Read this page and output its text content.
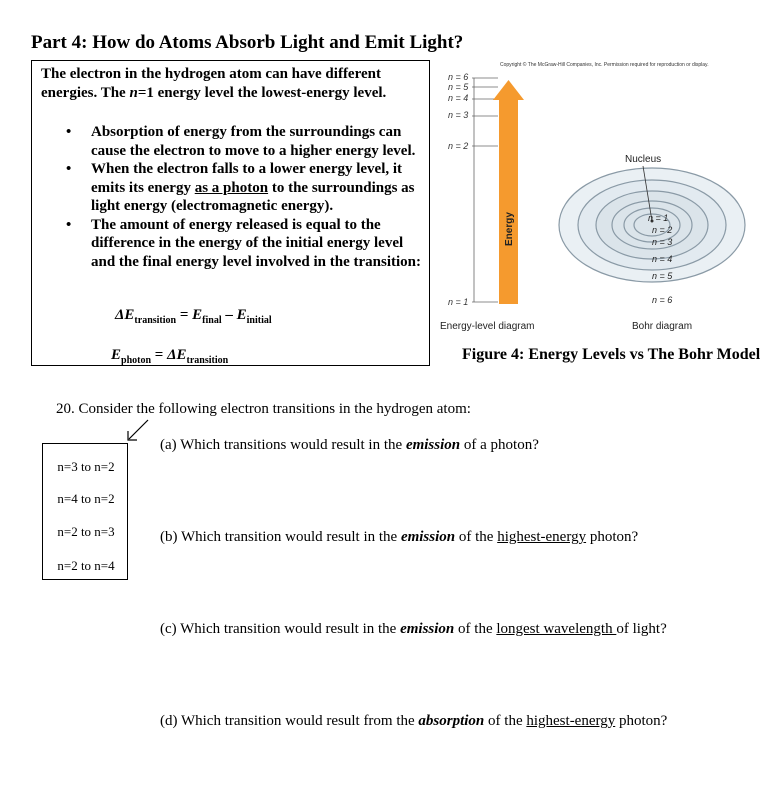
Part 4: How do Atoms Absorb Light and Emit Light?
The electron in the hydrogen atom can have different
energies. The n=1 energy level the lowest-energy level.
• Absorption of energy from the surroundings can cause the electron to move to a higher energy level.
• When the electron falls to a lower energy level, it emits its energy as a photon to the surroundings as light energy (electromagnetic energy).
• The amount of energy released is equal to the difference in the energy of the initial energy level and the final energy level involved in the transition:
$\Delta E_{transition} = E_{final} - E_{initial}$
$E_{photon} = \Delta E_{transition}$
Copyright © The McGraw-Hill Companies, Inc. Permission required for reproduction or display.
n = 6
n = 5
n = 4
n = 3
n = 2
n = 1
Energy
Energy-level diagram
Nucleus
n = 1
n = 2
n = 3
n = 4
n = 5
n = 6
Bohr diagram
Figure 4: Energy Levels vs The Bohr Model
20. Consider the following electron transitions in the hydrogen atom:
n=3 to n=2
n=4 to n=2
n=2 to n=3
n=2 to n=4
(a) Which transitions would result in the emission of a photon?
(b) Which transition would result in the emission of the highest-energy photon?
(c) Which transition would result in the emission of the longest wavelength of light?
(d) Which transition would result from the absorption of the highest-energy photon?
